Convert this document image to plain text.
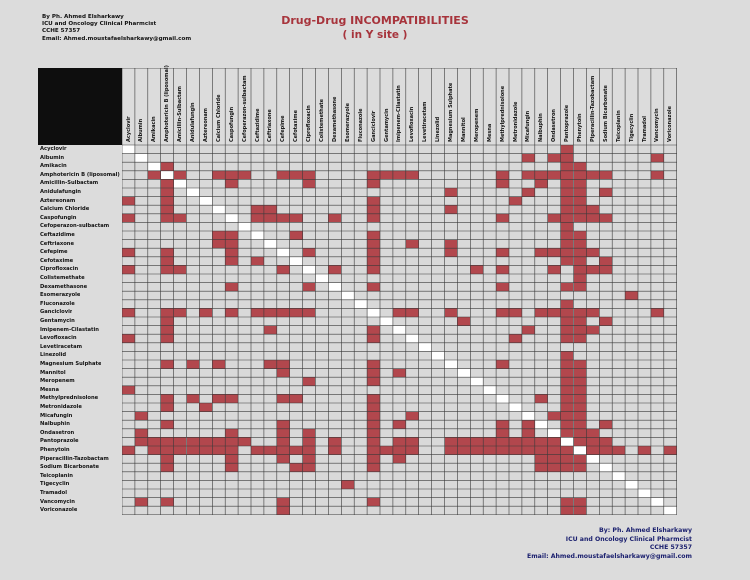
By Ph. Ahmed Elsharkawy
ICU and Oncology Clinical Pharmcist
CCHE 57357
Email: Ahmed.moustafaelsharkawy@gmail.com
Drug-Drug INCOMPATIBILITIES
( in Y site )
Acyclovir
Albumin
Amikacin
Amphotericin B (liposomal)
Amicillin-Sulbactam
Anidulafungin
Aztereonam
Calcium Chloride
Caspofungin
Cefoperazon-sulbactam
Ceftazidime
Ceftriaxone
Cefepime
Cefotaxime
Ciprofloxacin
Colistemethate
Dexamethasone
Esomerazyole
Fluconazole
Ganciclovir
Gentamycin
Imipenem-Cilastatin
Levofloxacin
Levetiracetam
Linezolid
Magnesium Sulphate
Mannitol
Meropenem
Mesna
Methylprednisolone
Metronidazole
Micafungin
Nalbuphin
Ondasetron
Pantoprazole
Phenytoin
Piperacillin-Tazobactam
Sodium Bicarbonate
Teicoplanin
Tigecyclin
Tramadol
Vancomycin
Voriconazole
Acyclovir Albumin Amikacin Amphotericin B (liposomal) Amicillin-Sulbactam Anidulafungin Aztereonam Calcium Chloride Caspofungin Cefoperazon-sulbactam Ceftazidime Ceftriaxone Cefepime Cefotaxime Ciprofloxacin Colistemethate Dexamethasone Esomerazyole Fluconazole Ganciclovir Gentamycin Imipenem-Cilastatin Levofloxacin Levetiracetam Linezolid Magnesium Sulphate Mannitol Meropenem Mesna Methylprednisolone Metronidazole Micafungin Nalbuphin Ondasetron Pantoprazole Phenytoin Piperacillin-Tazobactam Sodium Bicarbonate Teicoplanin Tigecyclin Tramadol Vancomycin Voriconazole
By: Ph. Ahmed Elsharkawy
ICU and Oncology Clinical Pharmcist
CCHE 57357
Email: Ahmed.moustafaelsharkawy@gmail.com
